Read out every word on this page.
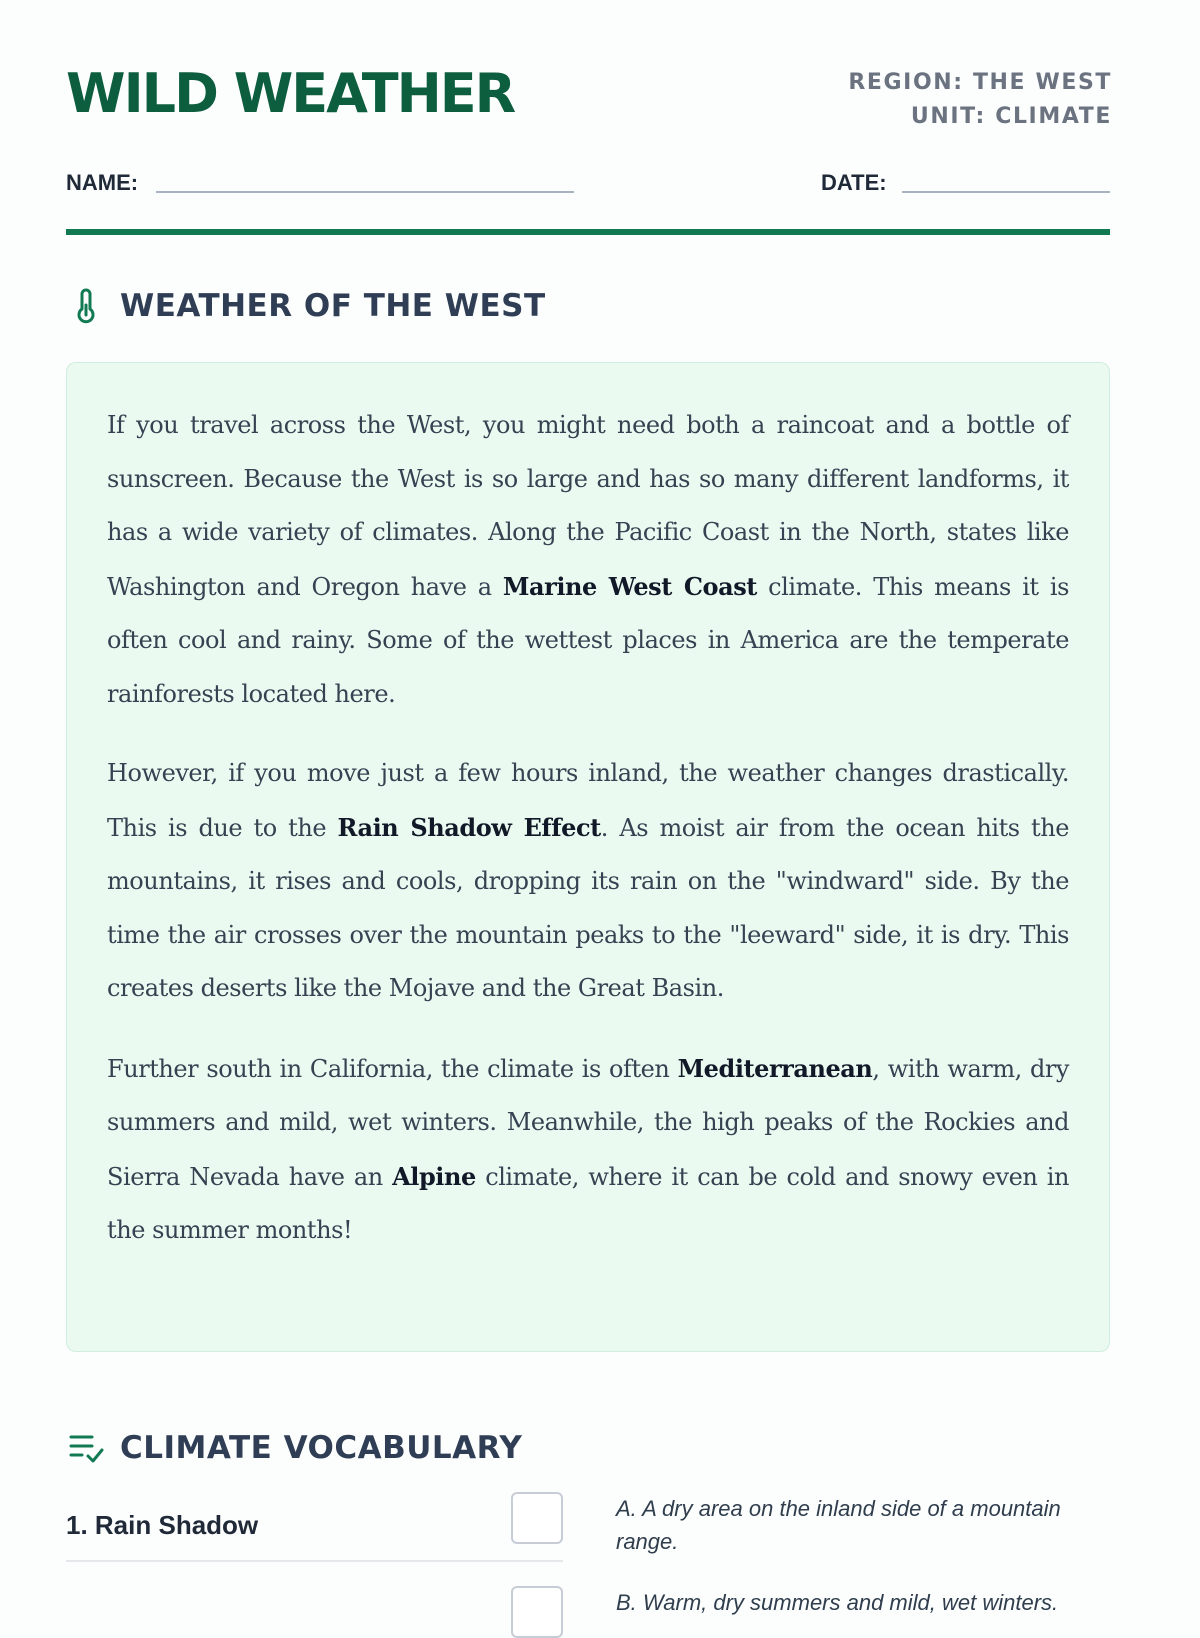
WILD WEATHER	REGION: THE WEST
UNIT: CLIMATE
NAME:	DATE:
WEATHER OF THE WEST

If you travel across the West, you might need both a raincoat and a bottle of sunscreen. Because the West is so large and has so many different landforms, it has a wide variety of climates. Along the Pacific Coast in the North, states like Washington and Oregon have a Marine West Coast climate. This means it is often cool and rainy. Some of the wettest places in America are the temperate rainforests located here.

However, if you move just a few hours inland, the weather changes drastically. This is due to the Rain Shadow Effect. As moist air from the ocean hits the mountains, it rises and cools, dropping its rain on the "windward" side. By the time the air crosses over the mountain peaks to the "leeward" side, it is dry. This creates deserts like the Mojave and the Great Basin.

Further south in California, the climate is often Mediterranean, with warm, dry summers and mild, wet winters. Meanwhile, the high peaks of the Rockies and Sierra Nevada have an Alpine climate, where it can be cold and snowy even in the summer months!

CLIMATE VOCABULARY
1. Rain Shadow
A. A dry area on the inland side of a mountain range.
B. Warm, dry summers and mild, wet winters.
